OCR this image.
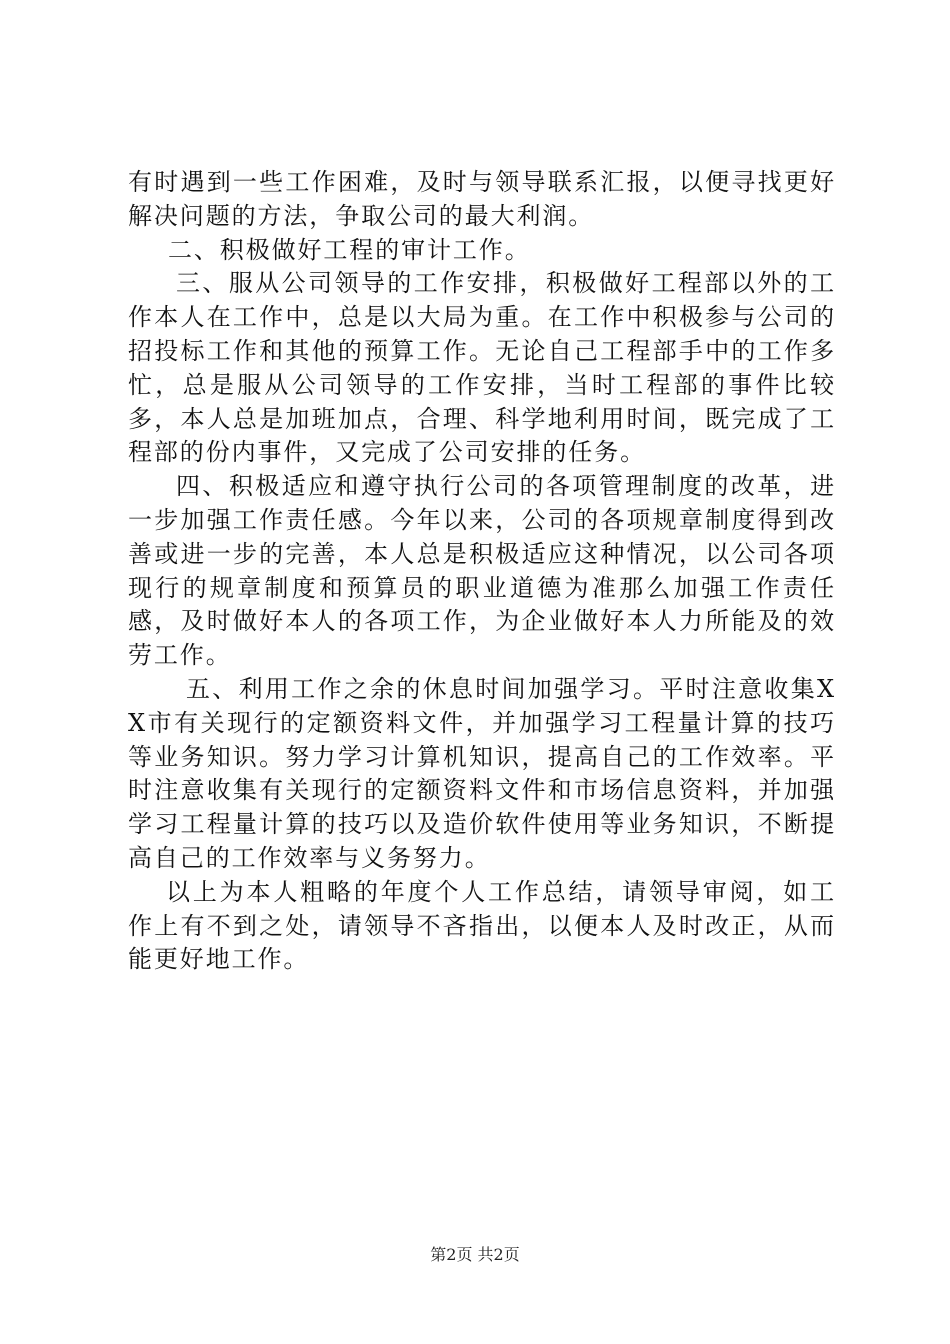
有时遇到一些工作困难，及时与领导联系汇报，以便寻找更好解决问题的方法，争取公司的最大利润。

二、积极做好工程的审计工作。

三、服从公司领导的工作安排，积极做好工程部以外的工作本人在工作中，总是以大局为重。在工作中积极参与公司的招投标工作和其他的预算工作。无论自己工程部手中的工作多忙，总是服从公司领导的工作安排，当时工程部的事件比较多，本人总是加班加点，合理、科学地利用时间，既完成了工程部的份内事件，又完成了公司安排的任务。

四、积极适应和遵守执行公司的各项管理制度的改革，进一步加强工作责任感。今年以来，公司的各项规章制度得到改善或进一步的完善，本人总是积极适应这种情况，以公司各项现行的规章制度和预算员的职业道德为准那么加强工作责任感，及时做好本人的各项工作，为企业做好本人力所能及的效劳工作。

五、利用工作之余的休息时间加强学习。平时注意收集XX市有关现行的定额资料文件，并加强学习工程量计算的技巧等业务知识。努力学习计算机知识，提高自己的工作效率。平时注意收集有关现行的定额资料文件和市场信息资料，并加强学习工程量计算的技巧以及造价软件使用等业务知识，不断提高自己的工作效率与义务努力。

以上为本人粗略的年度个人工作总结，请领导审阅，如工作上有不到之处，请领导不吝指出，以便本人及时改正，从而能更好地工作。

第2页 共2页
